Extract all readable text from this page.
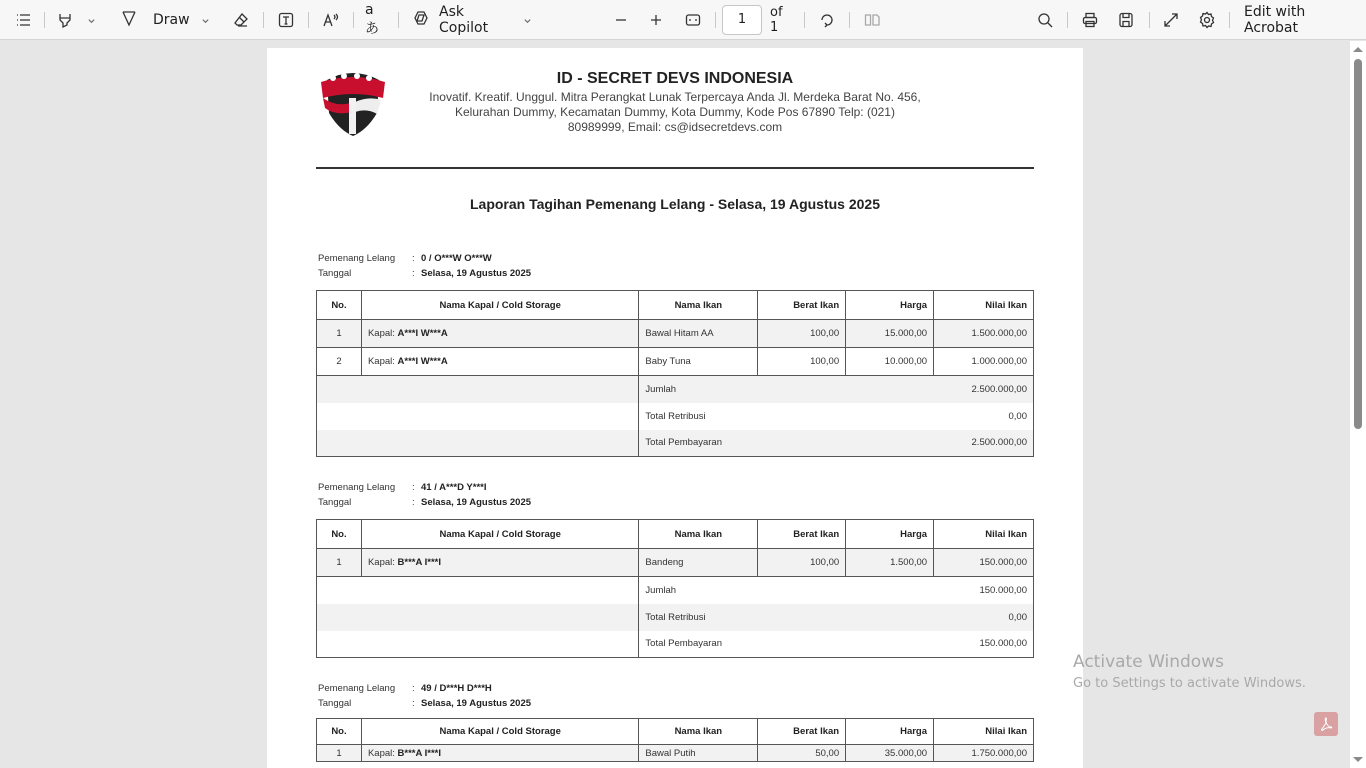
Draw
aあ
Ask Copilot
1	of 1
Edit with Acrobat
ID - SECRET DEVS INDONESIA
Inovatif. Kreatif. Unggul. Mitra Perangkat Lunak Terpercaya Anda Jl. Merdeka Barat No. 456,
Kelurahan Dummy, Kecamatan Dummy, Kota Dummy, Kode Pos 67890 Telp: (021)
80989999, Email: cs@idsecretdevs.com
Laporan Tagihan Pemenang Lelang - Selasa, 19 Agustus 2025
Pemenang Lelang	: 0 / O***W O***W
Tanggal	: Selasa, 19 Agustus 2025
No.	Nama Kapal / Cold Storage	Nama Ikan	Berat Ikan	Harga	Nilai Ikan
1	Kapal: A***I W***A	Bawal Hitam AA	100,00	15.000,00	1.500.000,00
2	Kapal: A***I W***A	Baby Tuna	100,00	10.000,00	1.000.000,00
		Jumlah			2.500.000,00
		Total Retribusi			0,00
		Total Pembayaran			2.500.000,00
Pemenang Lelang	: 41 / A***D Y***I
Tanggal	: Selasa, 19 Agustus 2025
No.	Nama Kapal / Cold Storage	Nama Ikan	Berat Ikan	Harga	Nilai Ikan
1	Kapal: B***A I***I	Bandeng	100,00	1.500,00	150.000,00
		Jumlah			150.000,00
		Total Retribusi			0,00
		Total Pembayaran			150.000,00
Pemenang Lelang	: 49 / D***H D***H
Tanggal	: Selasa, 19 Agustus 2025
No.	Nama Kapal / Cold Storage	Nama Ikan	Berat Ikan	Harga	Nilai Ikan
1	Kapal: B***A I***I	Bawal Putih	50,00	35.000,00	1.750.000,00
Activate Windows
Go to Settings to activate Windows.
